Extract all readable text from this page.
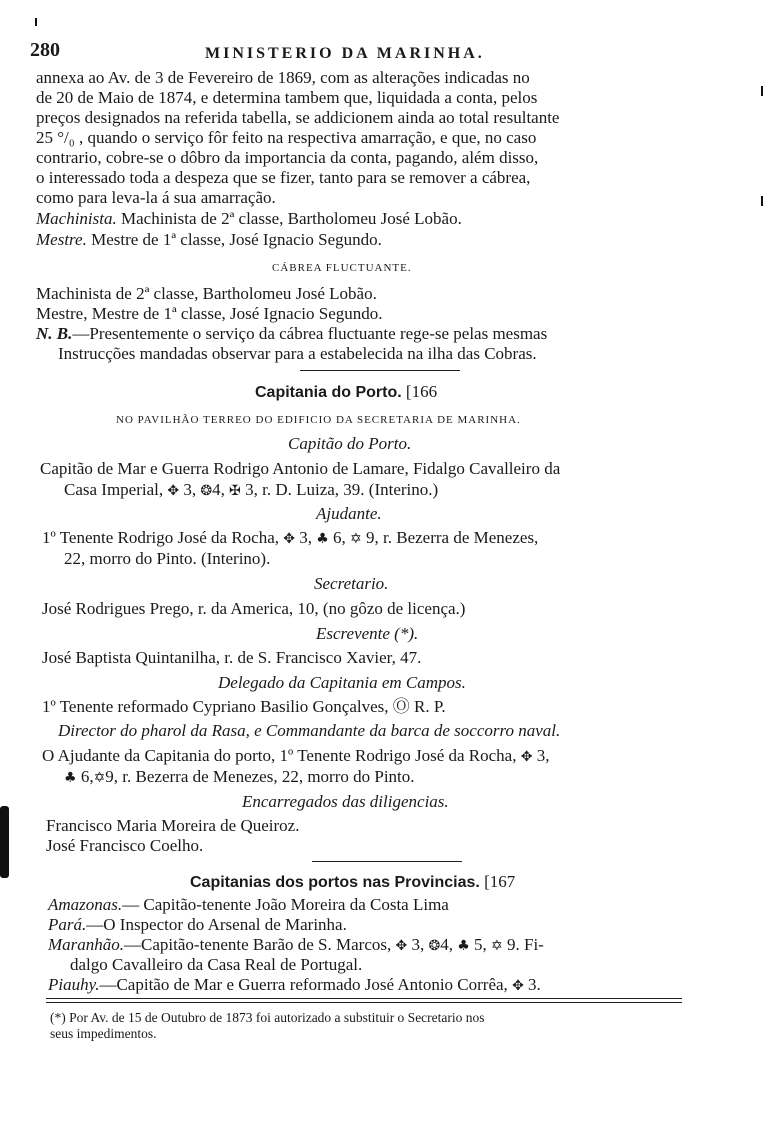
280	MINISTERIO DA MARINHA.
annexa ao Av. de 3 de Fevereiro de 1869, com as alterações indicadas no
de 20 de Maio de 1874, e determina tambem que, liquidada a conta, pelos
preços designados na referida tabella, se addicionem ainda ao total resultante
25 °/₀ , quando o serviço fôr feito na respectiva amarração, e que, no caso
contrario, cobre-se o dôbro da importancia da conta, pagando, além disso,
o interessado toda a despeza que se fizer, tanto para se remover a cábrea,
como para leva-la á sua amarração.
Machinista. Machinista de 2ª classe, Bartholomeu José Lobão.
Mestre. Mestre de 1ª classe, José Ignacio Segundo.
CÁBREA FLUCTUANTE.
Machinista de 2ª classe, Bartholomeu José Lobão.
Mestre, Mestre de 1ª classe, José Ignacio Segundo.
N. B.—Presentemente o serviço da cábrea fluctuante rege-se pelas mesmas
Instrucções mandadas observar para a estabelecida na ilha das Cobras.
Capitania do Porto. [166
NO PAVILHÃO TERREO DO EDIFICIO DA SECRETARIA DE MARINHA.
Capitão do Porto.
Capitão de Mar e Guerra Rodrigo Antonio de Lamare, Fidalgo Cavalleiro da
Casa Imperial, ✥ 3, ❂4, ✠ 3, r. D. Luiza, 39. (Interino.)
Ajudante.
1º Tenente Rodrigo José da Rocha, ✥ 3, ♣ 6, ✡ 9, r. Bezerra de Menezes,
22, morro do Pinto. (Interino).
Secretario.
José Rodrigues Prego, r. da America, 10, (no gôzo de licença.)
Escrevente (*).
José Baptista Quintanilha, r. de S. Francisco Xavier, 47.
Delegado da Capitania em Campos.
1º Tenente reformado Cypriano Basilio Gonçalves, Ⓞ R. P.
Director do pharol da Rasa, e Commandante da barca de soccorro naval.
O Ajudante da Capitania do porto, 1º Tenente Rodrigo José da Rocha, ✥ 3,
♣ 6,✡9, r. Bezerra de Menezes, 22, morro do Pinto.
Encarregados das diligencias.
Francisco Maria Moreira de Queiroz.
José Francisco Coelho.
Capitanias dos portos nas Provincias. [167
Amazonas.— Capitão-tenente João Moreira da Costa Lima
Pará.—O Inspector do Arsenal de Marinha.
Maranhão.—Capitão-tenente Barão de S. Marcos, ✥ 3, ❂4, ♣ 5, ✡ 9. Fi-
dalgo Cavalleiro da Casa Real de Portugal.
Piauhy.—Capitão de Mar e Guerra reformado José Antonio Corrêa, ✥ 3.
(*) Por Av. de 15 de Outubro de 1873 foi autorizado a substituir o Secretario nos
seus impedimentos.
